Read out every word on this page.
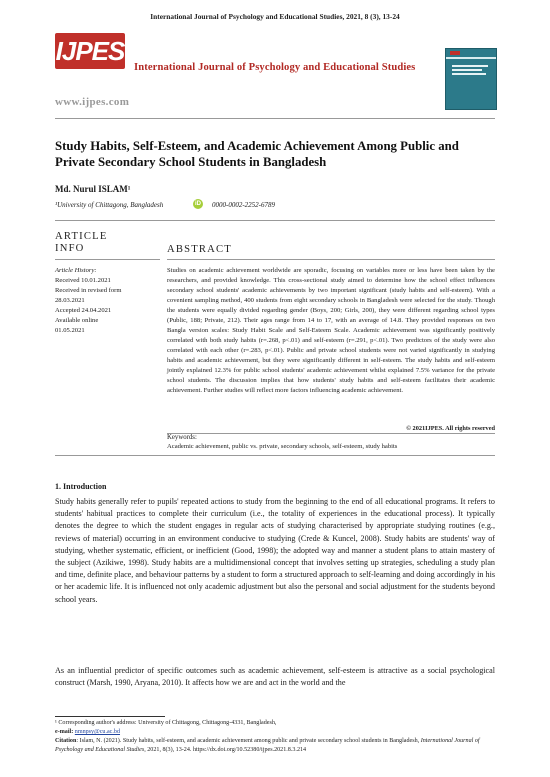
International Journal of Psychology and Educational Studies, 2021, 8 (3), 13-24
IJPES
International Journal of Psychology and Educational Studies
www.ijpes.com
Study Habits, Self-Esteem, and Academic Achievement Among Public and Private Secondary School Students in Bangladesh
Md. Nurul ISLAM¹
¹University of Chittagong, Bangladesh	iD 0000-0002-2252-6789
ARTICLE
INFO	ABSTRACT
Article History:
Received 10.01.2021
Received in revised form
28.03.2021
Accepted 24.04.2021
Available online
01.05.2021
Studies on academic achievement worldwide are sporadic, focusing on variables more or less have been taken by the researchers, and provided knowledge. This cross-sectional study aimed to determine how the school effect influences secondary school students' academic achievements by two important significant (study habits and self-esteem). With a covenient sampling method, 400 students from eight secondary schools in Bangladesh were selected for the study. Though the students were equally divided regarding gender (Boys, 200; Girls, 200), they were different regarding school types (Public, 188; Private, 212). Their ages range from 14 to 17, with an average of 14.8. They provided responses on two Bangla version scales: Study Habit Scale and Self-Esteem Scale. Academic achievement was significantly positively correlated with both study habits (r=.268, p<.01) and self-esteem (r=.291, p<.01). Two predictors of the study were also correlated with each other (r=.283, p<.01). Public and private school students were not varied significantly in studying habits and academic achievement, but they were significantly different in self-esteem. The study habits and self-esteem jointly explained 12.3% for public school students' academic achievement whilst explained 7.5% variance for the private school students. The discussion implies that how students' study habits and self-esteem facilitates their academic achievement. Further studies will reflect more factors influencing academic achievement.
© 2021IJPES. All rights reserved
Keywords:
Academic achievement, public vs. private, secondary schools, self-esteem, study habits
1. Introduction
Study habits generally refer to pupils' repeated actions to study from the beginning to the end of all educational programs. It refers to students' habitual practices to complete their curriculum (i.e., the totality of experiences in the educational process). It typically denotes the degree to which the student engages in regular acts of studying characterised by appropriate studying routines (e.g., reviews of material) occurring in an environment conducive to studying (Crede & Kuncel, 2008). Study habits are students' way of studying, whether systematic, efficient, or inefficient (Good, 1998); the adopted way and manner a student plans to attain mastery of the subject (Azikiwe, 1998). Study habits are a multidimensional concept that involves setting up strategies, scheduling a study plan and time, definite place, and behaviour patterns by a student to form a structured approach to self-learning and doing accordingly in his or her academic life. It is influenced not only academic adjustment but also the personal and social adjustment for the students beyond school years.
As an influential predictor of specific outcomes such as academic achievement, self-esteem is attractive as a social psychological construct (Marsh, 1990, Aryana, 2010). It affects how we are and act in the world and the
¹ Corresponding author's address: University of Chittagong, Chittagong-4331, Bangladesh,
e-mail: nmnpsy@cu.ac.bd
Citation: Islam, N. (2021). Study habits, self-esteem, and academic achievement among public and private secondary school students in Bangladesh, International Journal of Psychology and Educational Studies, 2021, 8(3), 13-24. https://dx.doi.org/10.52380/ijpes.2021.8.3.214
